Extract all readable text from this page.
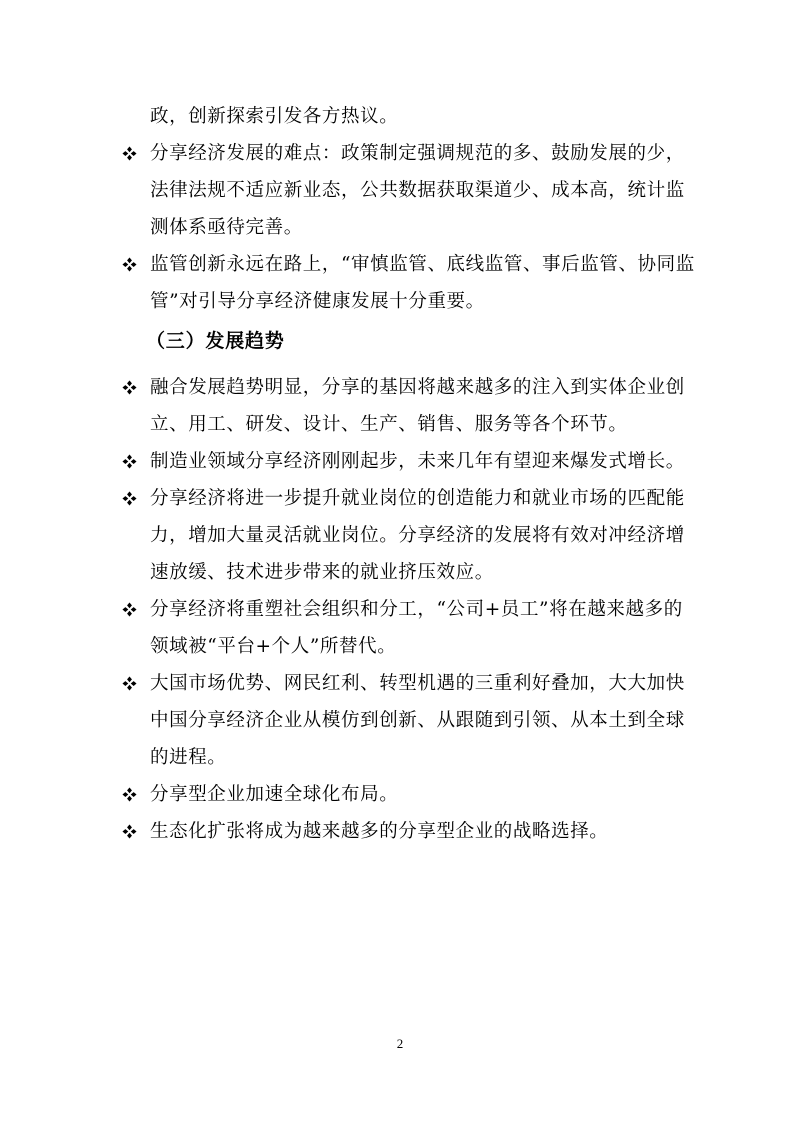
政，创新探索引发各方热议。
分享经济发展的难点：政策制定强调规范的多、鼓励发展的少，
法律法规不适应新业态，公共数据获取渠道少、成本高，统计监
测体系亟待完善。
监管创新永远在路上，“审慎监管、底线监管、事后监管、协同监
管”对引导分享经济健康发展十分重要。
（三）发展趋势
融合发展趋势明显，分享的基因将越来越多的注入到实体企业创
立、用工、研发、设计、生产、销售、服务等各个环节。
制造业领域分享经济刚刚起步，未来几年有望迎来爆发式增长。
分享经济将进一步提升就业岗位的创造能力和就业市场的匹配能
力，增加大量灵活就业岗位。分享经济的发展将有效对冲经济增
速放缓、技术进步带来的就业挤压效应。
分享经济将重塑社会组织和分工，“公司+员工”将在越来越多的
领域被“平台+个人”所替代。
大国市场优势、网民红利、转型机遇的三重利好叠加，大大加快
中国分享经济企业从模仿到创新、从跟随到引领、从本土到全球
的进程。
分享型企业加速全球化布局。
生态化扩张将成为越来越多的分享型企业的战略选择。
2
